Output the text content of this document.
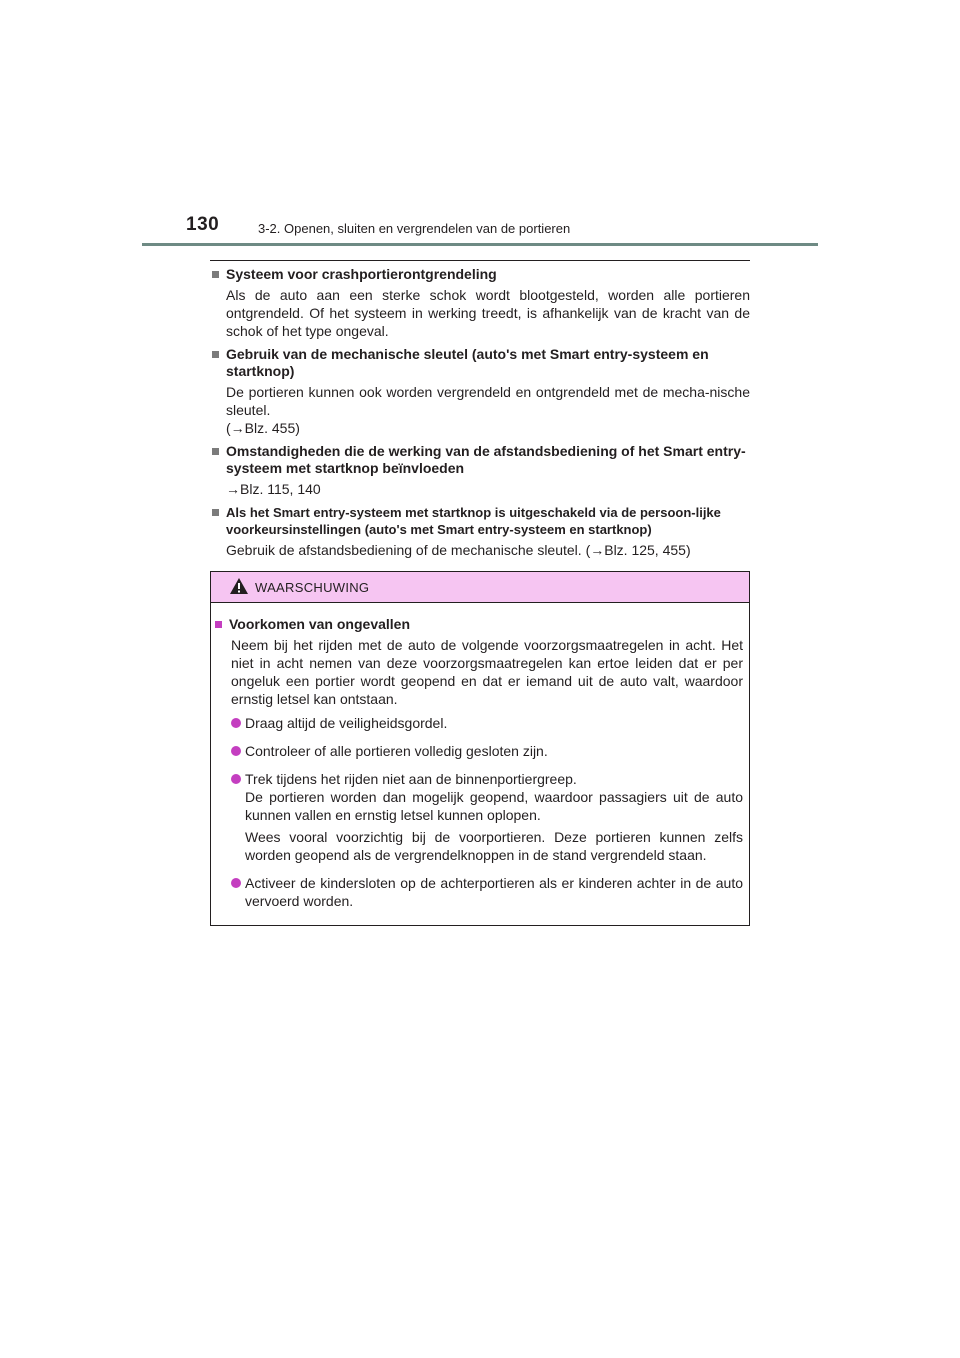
130	3-2. Openen, sluiten en vergrendelen van de portieren
Systeem voor crashportierontgrendeling

Als de auto aan een sterke schok wordt blootgesteld, worden alle portieren ontgrendeld. Of het systeem in werking treedt, is afhankelijk van de kracht van de schok of het type ongeval.

Gebruik van de mechanische sleutel (auto's met Smart entry-systeem en startknop)

De portieren kunnen ook worden vergrendeld en ontgrendeld met de mecha-nische sleutel.

(→Blz. 455)

Omstandigheden die de werking van de afstandsbediening of het Smart entry-systeem met startknop beïnvloeden
→Blz. 115, 140
Als het Smart entry-systeem met startknop is uitgeschakeld via de persoon-lijke voorkeursinstellingen (auto's met Smart entry-systeem en startknop)

Gebruik de afstandsbediening of de mechanische sleutel. (→Blz. 125, 455)

WAARSCHUWING
Voorkomen van ongevallen

Neem bij het rijden met de auto de volgende voorzorgsmaatregelen in acht. Het niet in acht nemen van deze voorzorgsmaatregelen kan ertoe leiden dat er per ongeluk een portier wordt geopend en dat er iemand uit de auto valt, waardoor ernstig letsel kan ontstaan.

Draag altijd de veiligheidsgordel.

Controleer of alle portieren volledig gesloten zijn.

Trek tijdens het rijden niet aan de binnenportiergreep.

De portieren worden dan mogelijk geopend, waardoor passagiers uit de auto kunnen vallen en ernstig letsel kunnen oplopen.

Wees vooral voorzichtig bij de voorportieren. Deze portieren kunnen zelfs worden geopend als de vergrendelknoppen in de stand vergrendeld staan.

Activeer de kindersloten op de achterportieren als er kinderen achter in de auto vervoerd worden.
